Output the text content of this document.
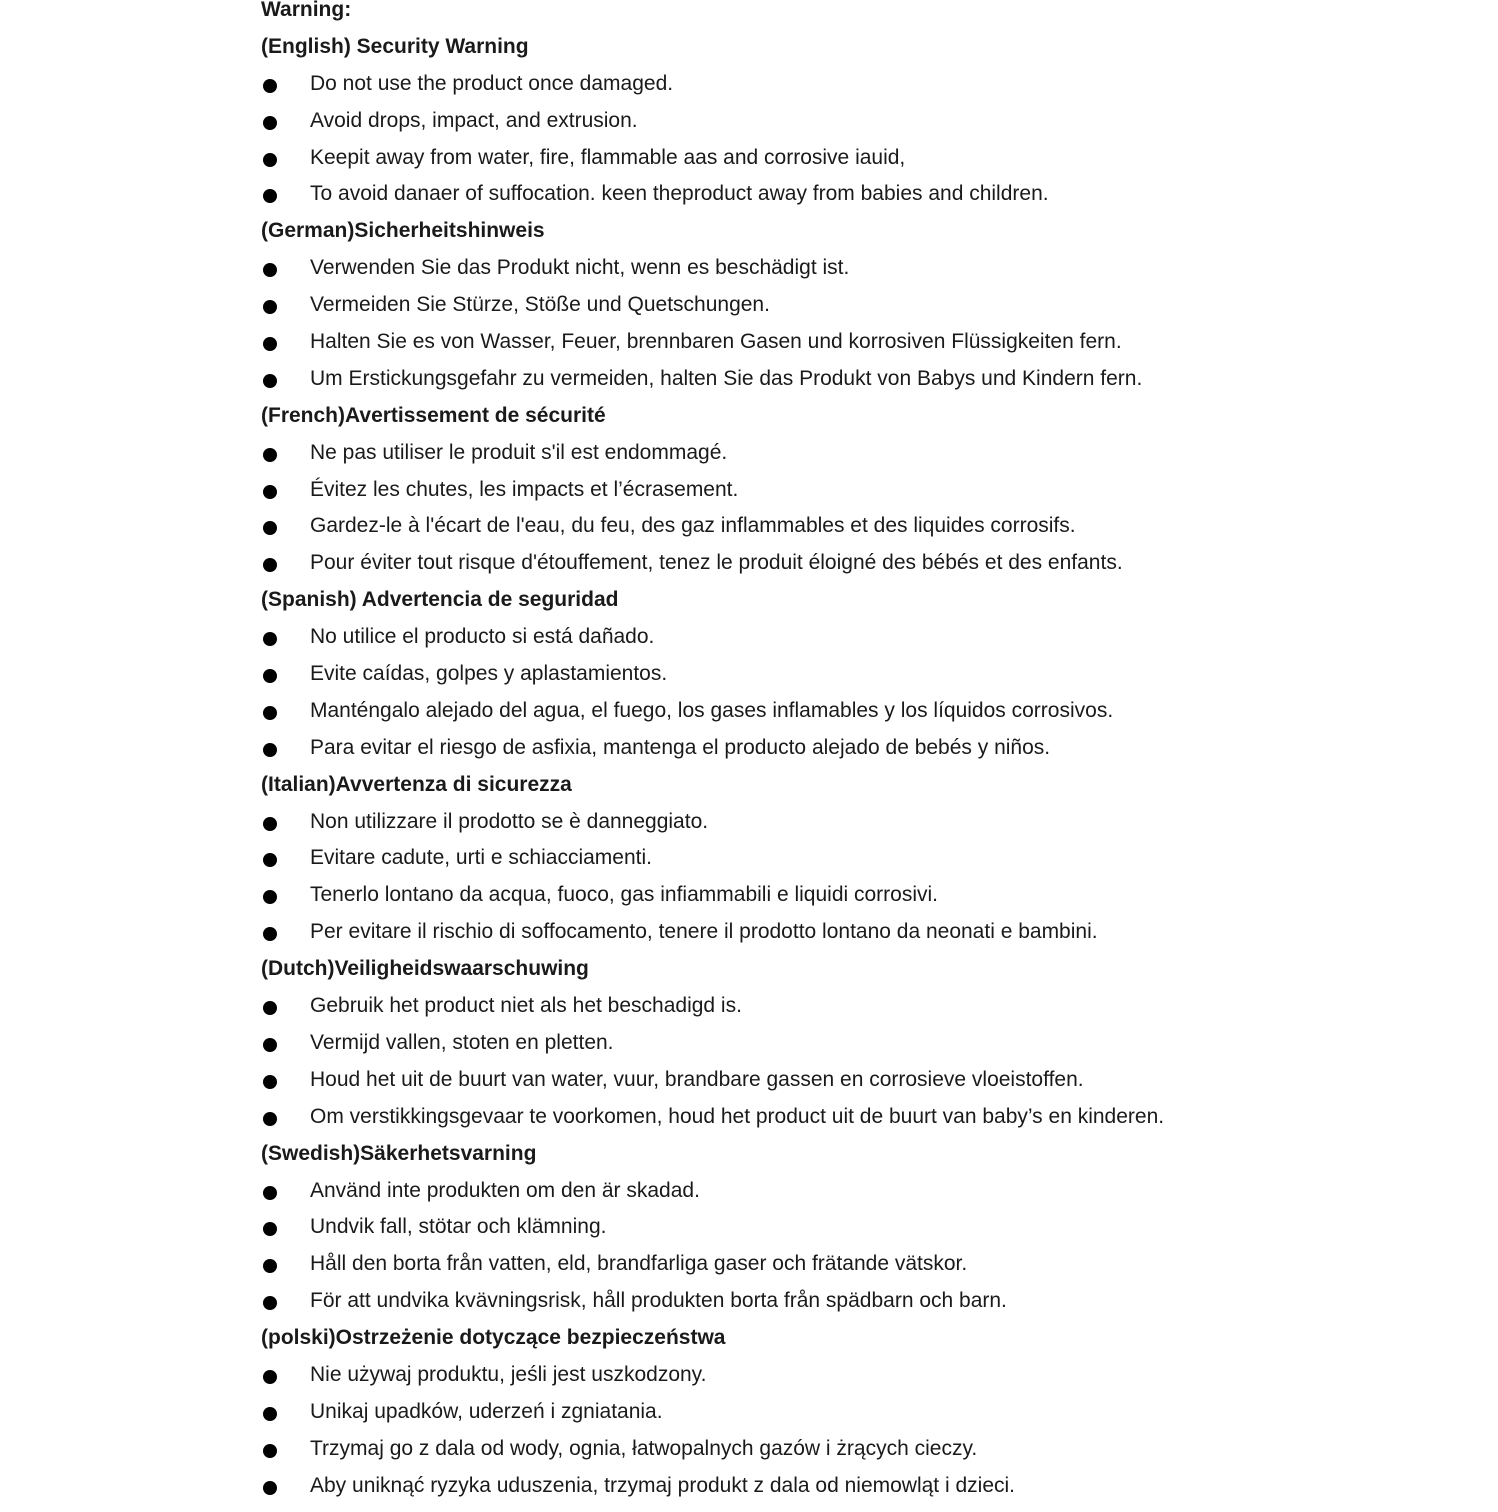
Warning:
(English) Security Warning
Do not use the product once damaged.
Avoid drops, impact, and extrusion.
Keepit away from water, fire, flammable aas and corrosive iauid,
To avoid danaer of suffocation. keen theproduct away from babies and children.
(German)Sicherheitshinweis
Verwenden Sie das Produkt nicht, wenn es beschädigt ist.
Vermeiden Sie Stürze, Stöße und Quetschungen.
Halten Sie es von Wasser, Feuer, brennbaren Gasen und korrosiven Flüssigkeiten fern.
Um Erstickungsgefahr zu vermeiden, halten Sie das Produkt von Babys und Kindern fern.
(French)Avertissement de sécurité
Ne pas utiliser le produit s'il est endommagé.
Évitez les chutes, les impacts et l’écrasement.
Gardez-le à l'écart de l'eau, du feu, des gaz inflammables et des liquides corrosifs.
Pour éviter tout risque d'étouffement, tenez le produit éloigné des bébés et des enfants.
(Spanish) Advertencia de seguridad
No utilice el producto si está dañado.
Evite caídas, golpes y aplastamientos.
Manténgalo alejado del agua, el fuego, los gases inflamables y los líquidos corrosivos.
Para evitar el riesgo de asfixia, mantenga el producto alejado de bebés y niños.
(Italian)Avvertenza di sicurezza
Non utilizzare il prodotto se è danneggiato.
Evitare cadute, urti e schiacciamenti.
Tenerlo lontano da acqua, fuoco, gas infiammabili e liquidi corrosivi.
Per evitare il rischio di soffocamento, tenere il prodotto lontano da neonati e bambini.
(Dutch)Veiligheidswaarschuwing
Gebruik het product niet als het beschadigd is.
Vermijd vallen, stoten en pletten.
Houd het uit de buurt van water, vuur, brandbare gassen en corrosieve vloeistoffen.
Om verstikkingsgevaar te voorkomen, houd het product uit de buurt van baby’s en kinderen.
(Swedish)Säkerhetsvarning
Använd inte produkten om den är skadad.
Undvik fall, stötar och klämning.
Håll den borta från vatten, eld, brandfarliga gaser och frätande vätskor.
För att undvika kvävningsrisk, håll produkten borta från spädbarn och barn.
(polski)Ostrzeżenie dotyczące bezpieczeństwa
Nie używaj produktu, jeśli jest uszkodzony.
Unikaj upadków, uderzeń i zgniatania.
Trzymaj go z dala od wody, ognia, łatwopalnych gazów i żrących cieczy.
Aby uniknąć ryzyka uduszenia, trzymaj produkt z dala od niemowląt i dzieci.
